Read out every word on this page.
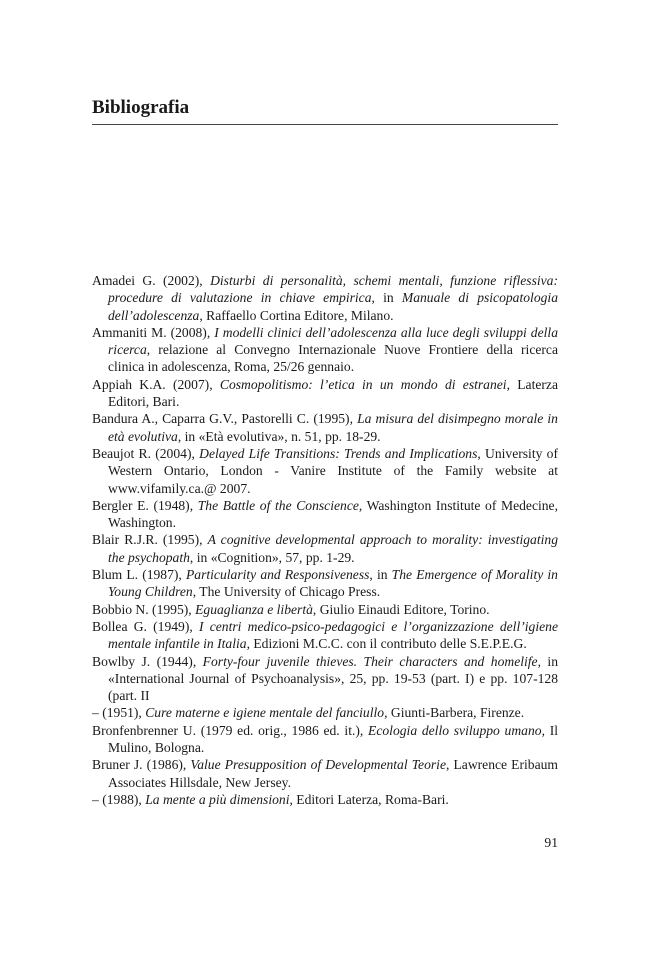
Bibliografia
Amadei G. (2002), Disturbi di personalità, schemi mentali, funzione riflessiva: procedure di valutazione in chiave empirica, in Manuale di psicopatologia dell’adolescenza, Raffaello Cortina Editore, Milano.
Ammaniti M. (2008), I modelli clinici dell’adolescenza alla luce degli sviluppi della ricerca, relazione al Convegno Internazionale Nuove Frontiere della ricerca clinica in adolescenza, Roma, 25/26 gennaio.
Appiah K.A. (2007), Cosmopolitismo: l’etica in un mondo di estranei, Laterza Editori, Bari.
Bandura A., Caparra G.V., Pastorelli C. (1995), La misura del disimpegno morale in età evolutiva, in «Età evolutiva», n. 51, pp. 18-29.
Beaujot R. (2004), Delayed Life Transitions: Trends and Implications, University of Western Ontario, London - Vanire Institute of the Family website at www.vifamily.ca.@ 2007.
Bergler E. (1948), The Battle of the Conscience, Washington Institute of Medecine, Washington.
Blair R.J.R. (1995), A cognitive developmental approach to morality: investigating the psychopath, in «Cognition», 57, pp. 1-29.
Blum L. (1987), Particularity and Responsiveness, in The Emergence of Morality in Young Children, The University of Chicago Press.
Bobbio N. (1995), Eguaglianza e libertà, Giulio Einaudi Editore, Torino.
Bollea G. (1949), I centri medico-psico-pedagogici e l’organizzazione dell’igiene mentale infantile in Italia, Edizioni M.C.C. con il contributo delle S.E.P.E.G.
Bowlby J. (1944), Forty-four juvenile thieves. Their characters and homelife, in «International Journal of Psychoanalysis», 25, pp. 19-53 (part. I) e pp. 107-128 (part. II
– (1951), Cure materne e igiene mentale del fanciullo, Giunti-Barbera, Firenze.
Bronfenbrenner U. (1979 ed. orig., 1986 ed. it.), Ecologia dello sviluppo umano, Il Mulino, Bologna.
Bruner J. (1986), Value Presupposition of Developmental Teorie, Lawrence Eribaum Associates Hillsdale, New Jersey.
– (1988), La mente a più dimensioni, Editori Laterza, Roma-Bari.
91
